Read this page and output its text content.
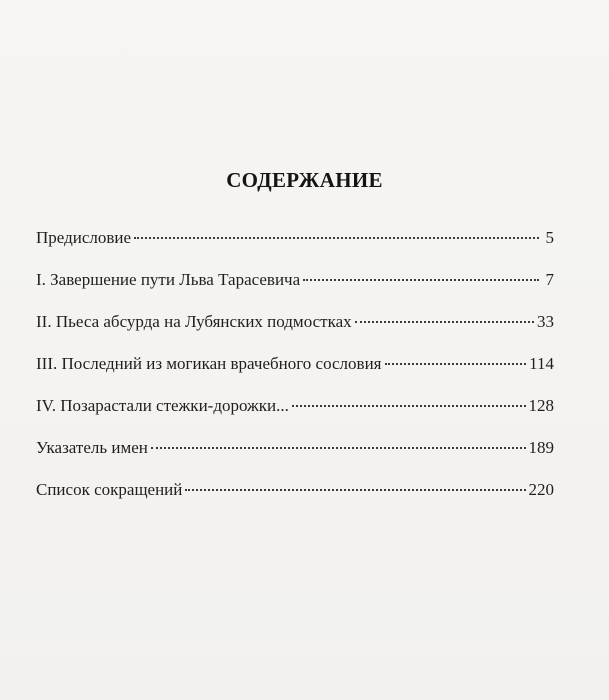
СОДЕРЖАНИЕ
Предисловие	5
I. Завершение пути Льва Тарасевича	7
II. Пьеса абсурда на Лубянских подмостках	33
III. Последний из могикан врачебного сословия	114
IV. Позарастали стежки-дорожки...	128
Указатель имен	189
Список сокращений	220
